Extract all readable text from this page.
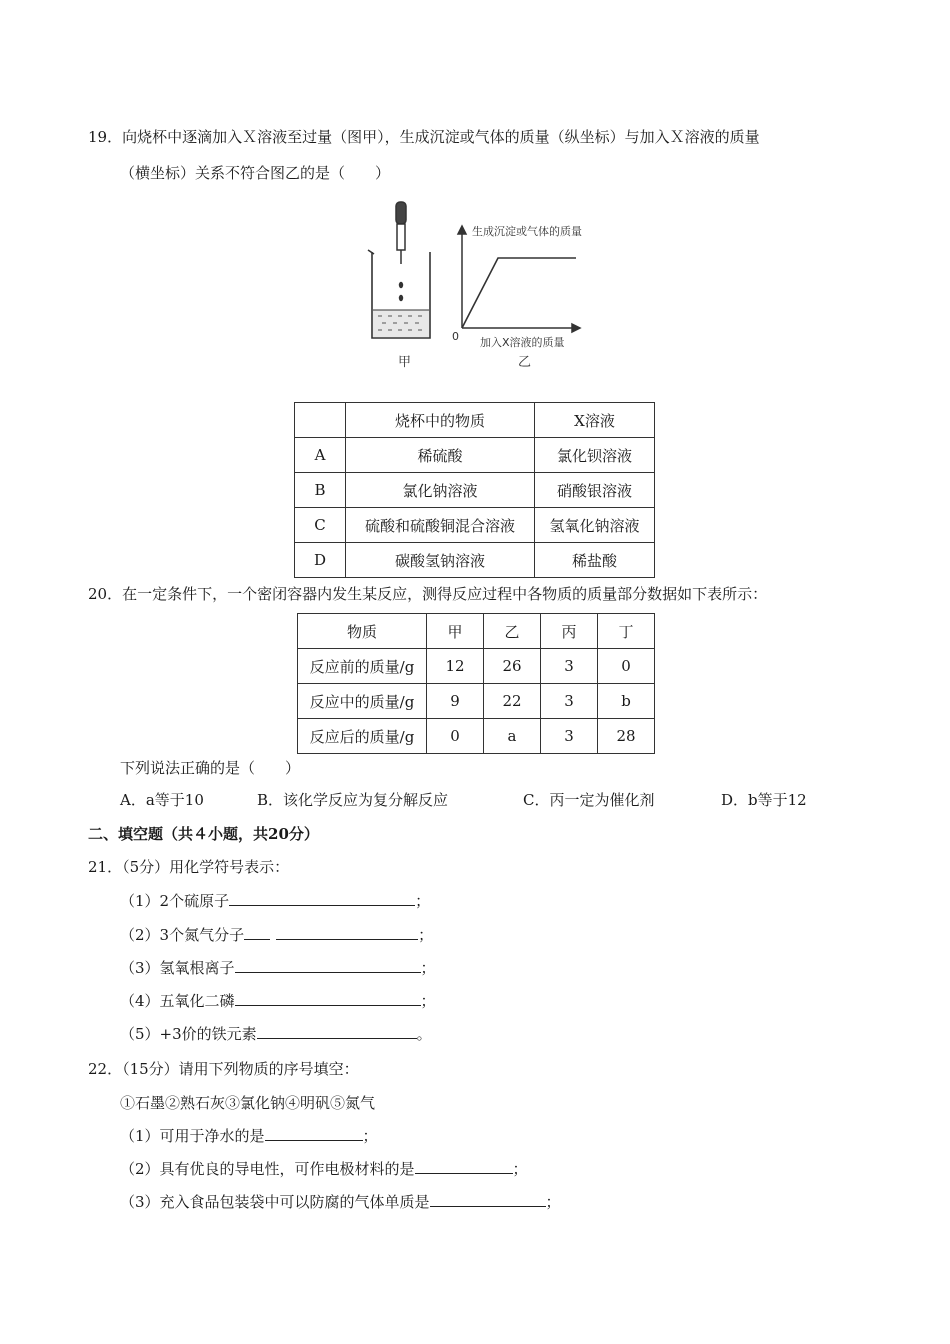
19．向烧杯中逐滴加入Ｘ溶液至过量（图甲），生成沉淀或气体的质量（纵坐标）与加入Ｘ溶液的质量
（横坐标）关系不符合图乙的是（　　）
甲
生成沉淀或气体的质量
加入X溶液的质量
0
乙
	烧杯中的物质	X溶液
A	稀硫酸	氯化钡溶液
B	氯化钠溶液	硝酸银溶液
C	硫酸和硫酸铜混合溶液	氢氧化钠溶液
D	碳酸氢钠溶液	稀盐酸
20．在一定条件下，一个密闭容器内发生某反应，测得反应过程中各物质的质量部分数据如下表所示：
物质	甲	乙	丙	丁
反应前的质量/g	12	26	3	0
反应中的质量/g	9	22	3	b
反应后的质量/g	0	a	3	28
下列说法正确的是（　　）
A．a等于10	B．该化学反应为复分解反应	C．丙一定为催化剂	D．b等于12
二、填空题（共４小题，共20分）
21．（5分）用化学符号表示：
（1）2个硫原子	；
（2）3个氮气分子	；
（3）氢氧根离子	；
（4）五氧化二磷	；
（5）+3价的铁元素	。
22．（15分）请用下列物质的序号填空：
①石墨②熟石灰③氯化钠④明矾⑤氮气
（1）可用于净水的是	；
（2）具有优良的导电性，可作电极材料的是	；
（3）充入食品包装袋中可以防腐的气体单质是	；
